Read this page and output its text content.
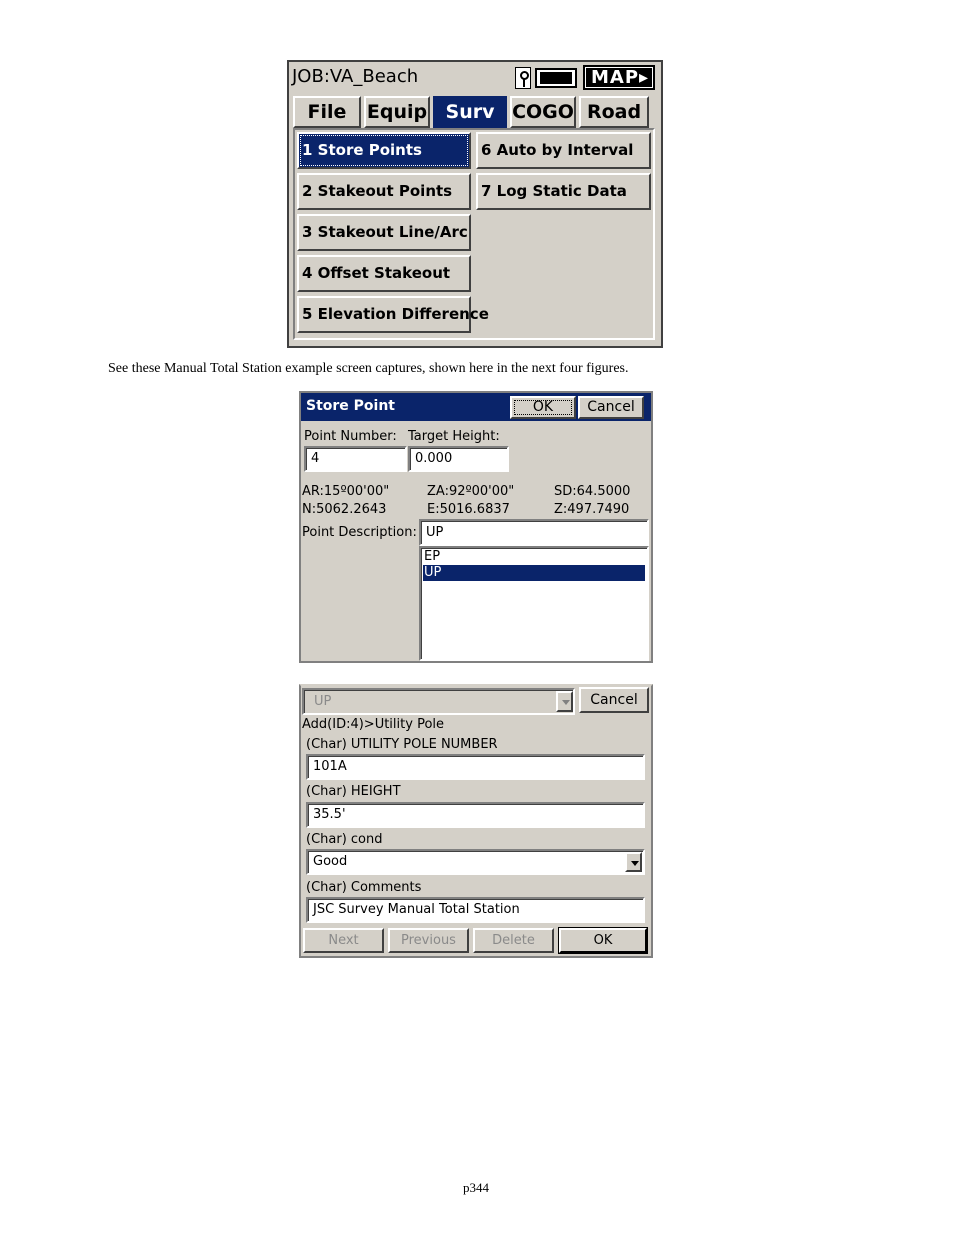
JOB:VA_Beach	MAP▸
File	Equip Surv COGO Road
1 Store Points
2 Stakeout Points
3 Stakeout Line/Arc
4 Offset Stakeout
5 Elevation Difference
6 Auto by Interval
7 Log Static Data
See these Manual Total Station example screen captures, shown here in the next four figures.
Store Point	OK	Cancel
Point Number: Target Height:
4	0.000
AR:15º00'00"	ZA:92º00'00"	SD:64.5000
N:5062.2643	E:5016.6837	Z:497.7490
Point Description: UP
EP
UP
UP	Cancel
Add(ID:4)>Utility Pole
(Char) UTILITY POLE NUMBER
101A
(Char) HEIGHT
35.5'
(Char) cond
Good
(Char) Comments
JSC Survey Manual Total Station
Next	Previous	Delete	OK
p344
